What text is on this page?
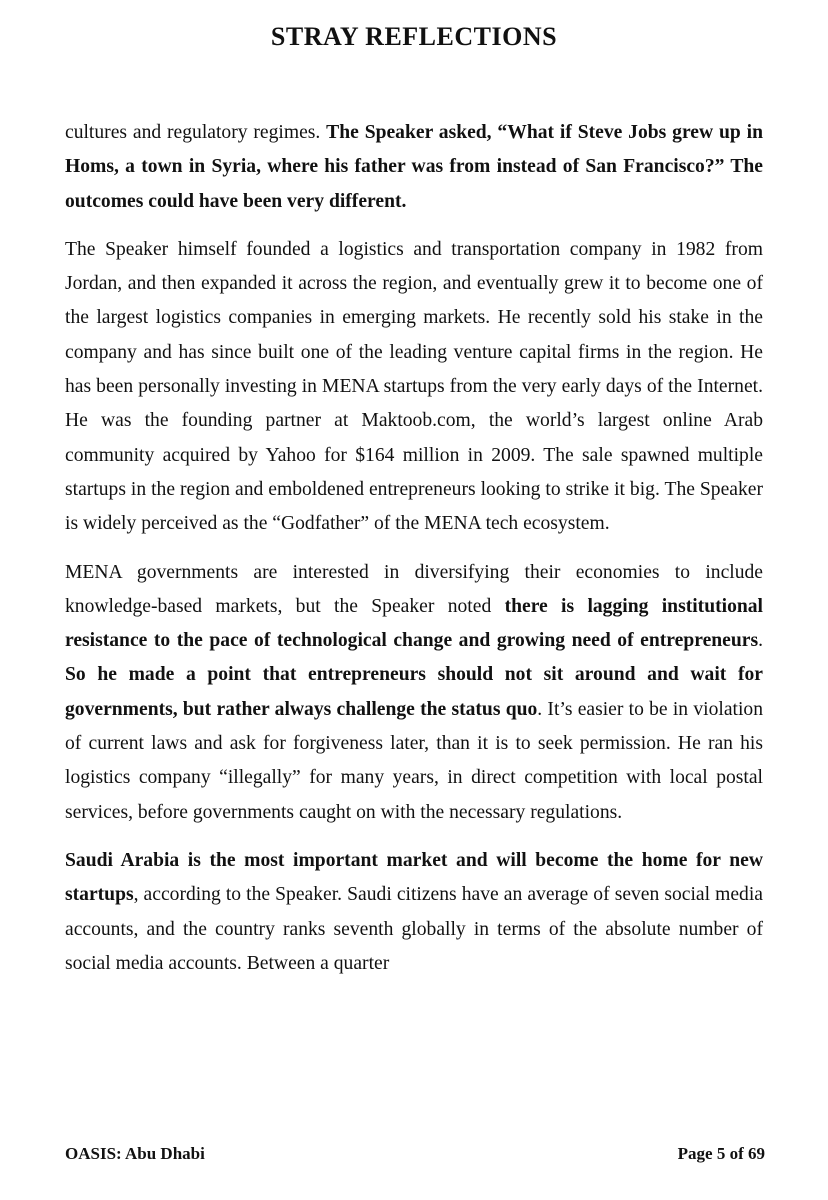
STRAY REFLECTIONS

cultures and regulatory regimes. The Speaker asked, “What if Steve Jobs grew up in Homs, a town in Syria, where his father was from instead of San Francisco?” The outcomes could have been very different.

The Speaker himself founded a logistics and transportation company in 1982 from Jordan, and then expanded it across the region, and eventually grew it to become one of the largest logistics companies in emerging markets. He recently sold his stake in the company and has since built one of the leading venture capital firms in the region. He has been personally investing in MENA startups from the very early days of the Internet. He was the founding partner at Maktoob.com, the world’s largest online Arab community acquired by Yahoo for $164 million in 2009. The sale spawned multiple startups in the region and emboldened entrepreneurs looking to strike it big. The Speaker is widely perceived as the “Godfather” of the MENA tech ecosystem.

MENA governments are interested in diversifying their economies to include knowledge-based markets, but the Speaker noted there is lagging institutional resistance to the pace of technological change and growing need of entrepreneurs. So he made a point that entrepreneurs should not sit around and wait for governments, but rather always challenge the status quo. It’s easier to be in violation of current laws and ask for forgiveness later, than it is to seek permission. He ran his logistics company “illegally” for many years, in direct competition with local postal services, before governments caught on with the necessary regulations.

Saudi Arabia is the most important market and will become the home for new startups, according to the Speaker. Saudi citizens have an average of seven social media accounts, and the country ranks seventh globally in terms of the absolute number of social media accounts. Between a quarter

OASIS: Abu Dhabi	Page 5 of 69
